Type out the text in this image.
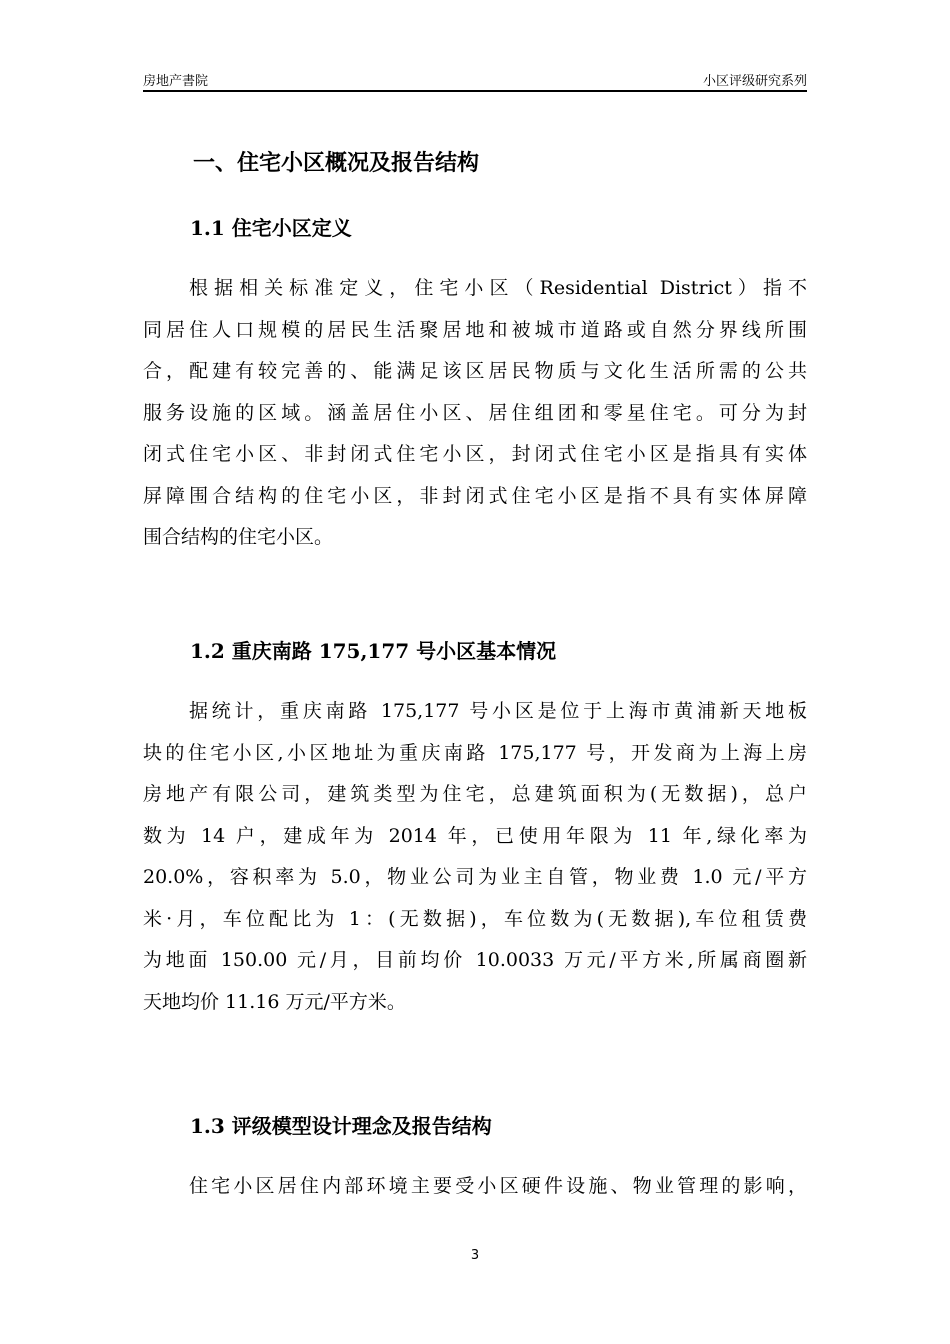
房地产書院	小区评级研究系列
一、住宅小区概况及报告结构
1.1 住宅小区定义
根据相关标准定义，住宅小区（Residential District）指不
同居住人口规模的居民生活聚居地和被城市道路或自然分界线所围
合，配建有较完善的、能满足该区居民物质与文化生活所需的公共
服务设施的区域。涵盖居住小区、居住组团和零星住宅。可分为封
闭式住宅小区、非封闭式住宅小区，封闭式住宅小区是指具有实体
屏障围合结构的住宅小区，非封闭式住宅小区是指不具有实体屏障
围合结构的住宅小区。
1.2 重庆南路 175,177 号小区基本情况
据统计，重庆南路 175,177 号小区是位于上海市黄浦新天地板
块的住宅小区,小区地址为重庆南路 175,177 号，开发商为上海上房
房地产有限公司，建筑类型为住宅，总建筑面积为(无数据)，总户
数为 14 户，建成年为 2014 年，已使用年限为 11 年,绿化率为
20.0%，容积率为 5.0，物业公司为业主自管，物业费 1.0 元/平方
米·月，车位配比为 1：(无数据)，车位数为(无数据),车位租赁费
为地面 150.00 元/月，目前均价 10.0033 万元/平方米,所属商圈新
天地均价 11.16 万元/平方米。
1.3 评级模型设计理念及报告结构
住宅小区居住内部环境主要受小区硬件设施、物业管理的影响，
3
